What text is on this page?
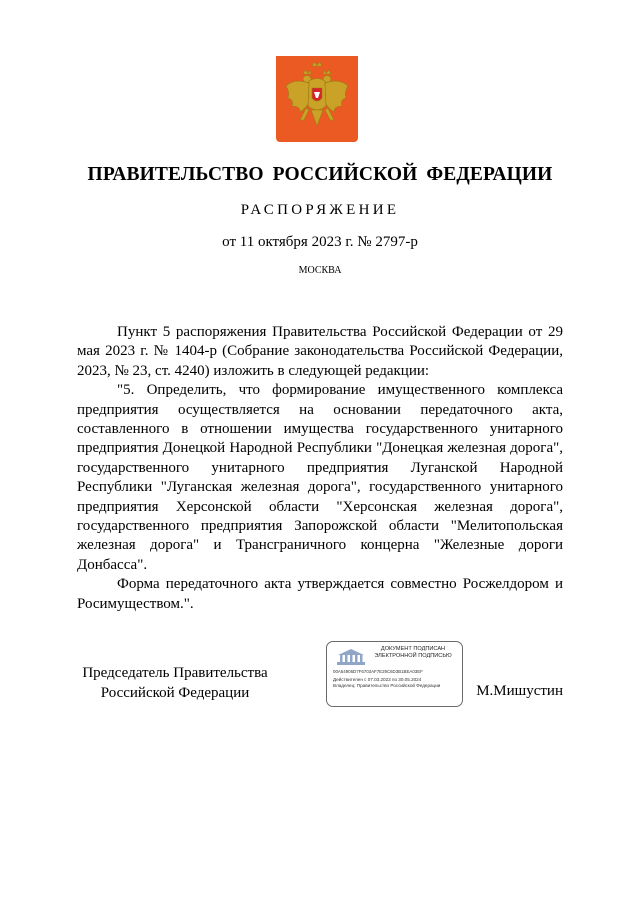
ПРАВИТЕЛЬСТВО РОССИЙСКОЙ ФЕДЕРАЦИИ
РАСПОРЯЖЕНИЕ
от 11 октября 2023 г. № 2797-р
МОСКВА

Пункт 5 распоряжения Правительства Российской Федерации от 29 мая 2023 г. № 1404-р (Собрание законодательства Российской Федерации, 2023, № 23, ст. 4240) изложить в следующей редакции:

"5. Определить, что формирование имущественного комплекса предприятия осуществляется на основании передаточного акта, составленного в отношении имущества государственного унитарного предприятия Донецкой Народной Республики "Донецкая железная дорога", государственного унитарного предприятия Луганской Народной Республики "Луганская железная дорога", государственного унитарного предприятия Херсонской области "Херсонская железная дорога", государственного предприятия Запорожской области "Мелитопольская железная дорога" и Трансграничного концерна "Железные дороги Донбасса".

Форма передаточного акта утверждается совместно Росжелдором и Росимуществом.".

Председатель Правительства
Российской Федерации
ДОКУМЕНТ ПОДПИСАН
ЭЛЕКТРОННОЙ ПОДПИСЬЮ
00A54905D7F6703AF7E29C6D3B1BEA03EF
Действителен с 07.03.2023 по 30.05.2024
Владелец: Правительство Российской Федерации	М.Мишустин
